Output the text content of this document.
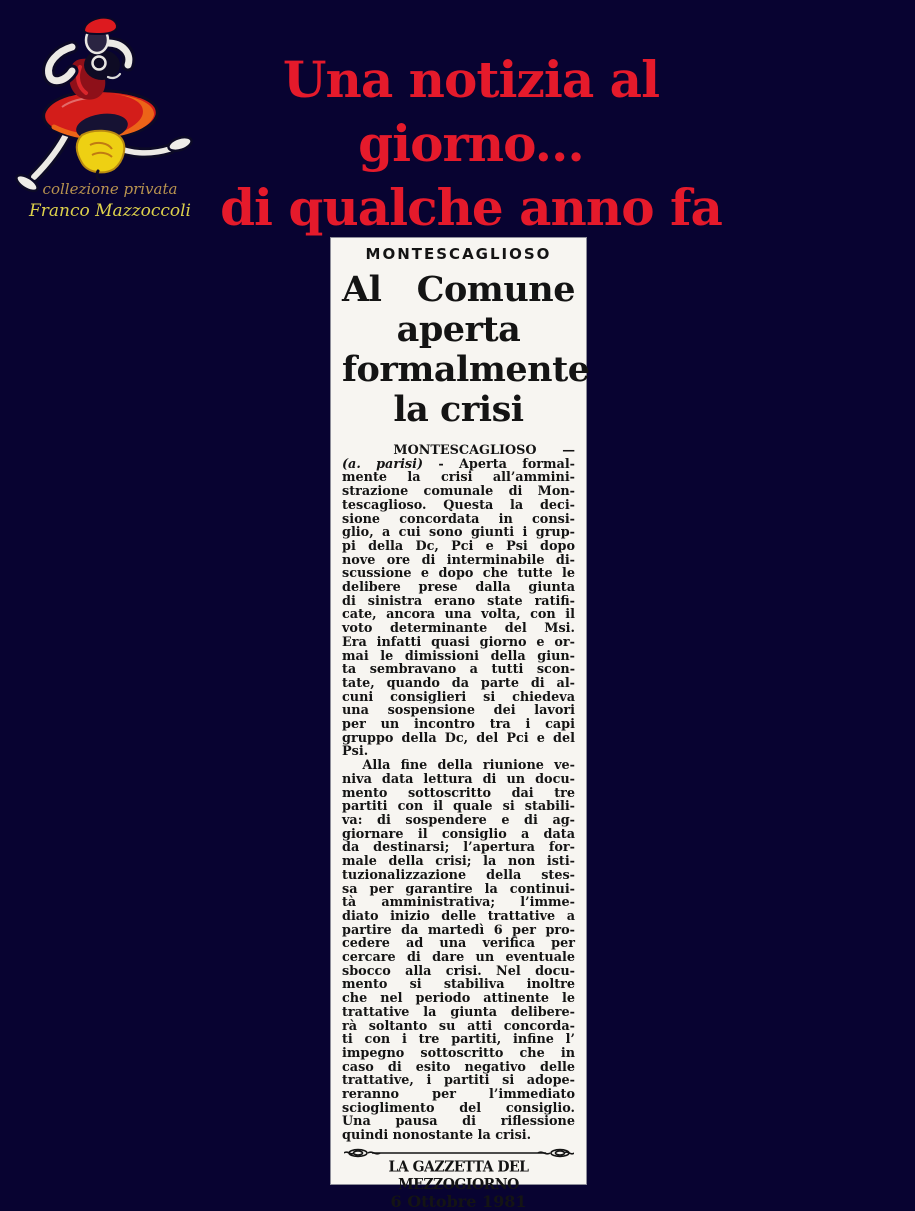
collezione privata
Franco Mazzoccoli
Una notizia al giorno...
di qualche anno fa
MONTESCAGLIOSO
Al Comune
aperta
formalmente
la crisi
MONTESCAGLIOSO —
(a. parisi) - Aperta formal-
mente la crisi all’ammini-
strazione comunale di Mon-
tescaglioso. Questa la deci-
sione concordata in consi-
glio, a cui sono giunti i grup-
pi della Dc, Pci e Psi dopo
nove ore di interminabile di-
scussione e dopo che tutte le
delibere prese dalla giunta
di sinistra erano state ratifi-
cate, ancora una volta, con il
voto determinante del Msi.
Era infatti quasi giorno e or-
mai le dimissioni della giun-
ta sembravano a tutti scon-
tate, quando da parte di al-
cuni consiglieri si chiedeva
una sospensione dei lavori
per un incontro tra i capi
gruppo della Dc, del Pci e del
Psi.
Alla fine della riunione ve-
niva data lettura di un docu-
mento sottoscritto dai tre
partiti con il quale si stabili-
va: di sospendere e di ag-
giornare il consiglio a data
da destinarsi; l’apertura for-
male della crisi; la non isti-
tuzionalizzazione della stes-
sa per garantire la continui-
tà amministrativa; l’imme-
diato inizio delle trattative a
partire da martedì 6 per pro-
cedere ad una verifica per
cercare di dare un eventuale
sbocco alla crisi. Nel docu-
mento si stabiliva inoltre
che nel periodo attinente le
trattative la giunta delibere-
rà soltanto su atti concorda-
ti con i tre partiti, infine l’
impegno sottoscritto che in
caso di esito negativo delle
trattative, i partiti si adope-
reranno per l’immediato
scioglimento del consiglio.
Una pausa di riflessione
quindi nonostante la crisi.
LA GAZZETTA DEL MEZZOGIORNO
6 Ottobre 1981
